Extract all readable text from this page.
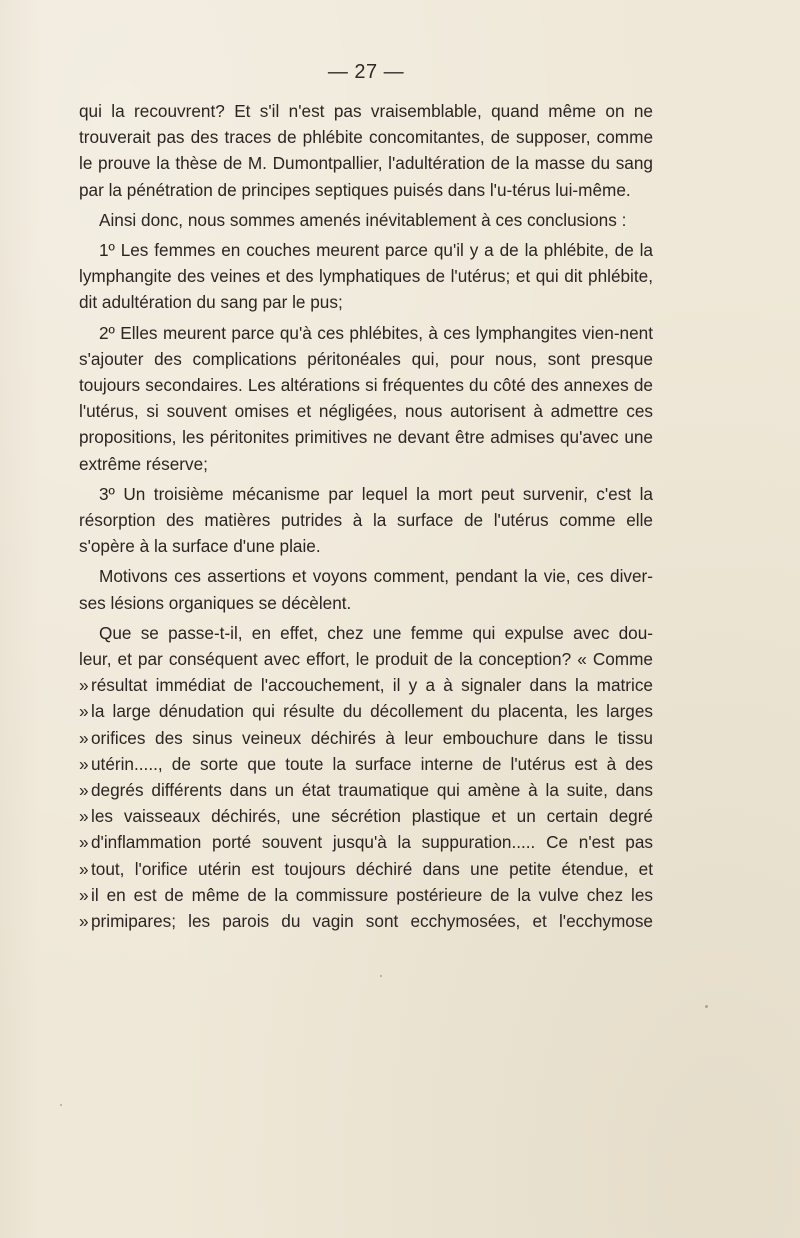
— 27 —

qui la recouvrent? Et s'il n'est pas vraisemblable, quand même on ne trouverait pas des traces de phlébite concomitantes, de supposer, comme le prouve la thèse de M. Dumontpallier, l'adultération de la masse du sang par la pénétration de principes septiques puisés dans l'u-térus lui-même.

Ainsi donc, nous sommes amenés inévitablement à ces conclusions :

1º Les femmes en couches meurent parce qu'il y a de la phlébite, de la lymphangite des veines et des lymphatiques de l'utérus; et qui dit phlébite, dit adultération du sang par le pus;

2º Elles meurent parce qu'à ces phlébites, à ces lymphangites vien-nent s'ajouter des complications péritonéales qui, pour nous, sont presque toujours secondaires. Les altérations si fréquentes du côté des annexes de l'utérus, si souvent omises et négligées, nous autorisent à admettre ces propositions, les péritonites primitives ne devant être admises qu'avec une extrême réserve;

3º Un troisième mécanisme par lequel la mort peut survenir, c'est la résorption des matières putrides à la surface de l'utérus comme elle s'opère à la surface d'une plaie.

Motivons ces assertions et voyons comment, pendant la vie, ces diver-ses lésions organiques se décèlent.

Que se passe-t-il, en effet, chez une femme qui expulse avec dou-
leur, et par conséquent avec effort, le produit de la conception? « Comme
» résultat immédiat de l'accouchement, il y a à signaler dans la matrice
» la large dénudation qui résulte du décollement du placenta, les larges
» orifices des sinus veineux déchirés à leur embouchure dans le tissu
» utérin....., de sorte que toute la surface interne de l'utérus est à des
» degrés différents dans un état traumatique qui amène à la suite, dans
» les vaisseaux déchirés, une sécrétion plastique et un certain degré
» d'inflammation porté souvent jusqu'à la suppuration..... Ce n'est pas
» tout, l'orifice utérin est toujours déchiré dans une petite étendue, et
» il en est de même de la commissure postérieure de la vulve chez les
» primipares; les parois du vagin sont ecchymosées, et l'ecchymose
